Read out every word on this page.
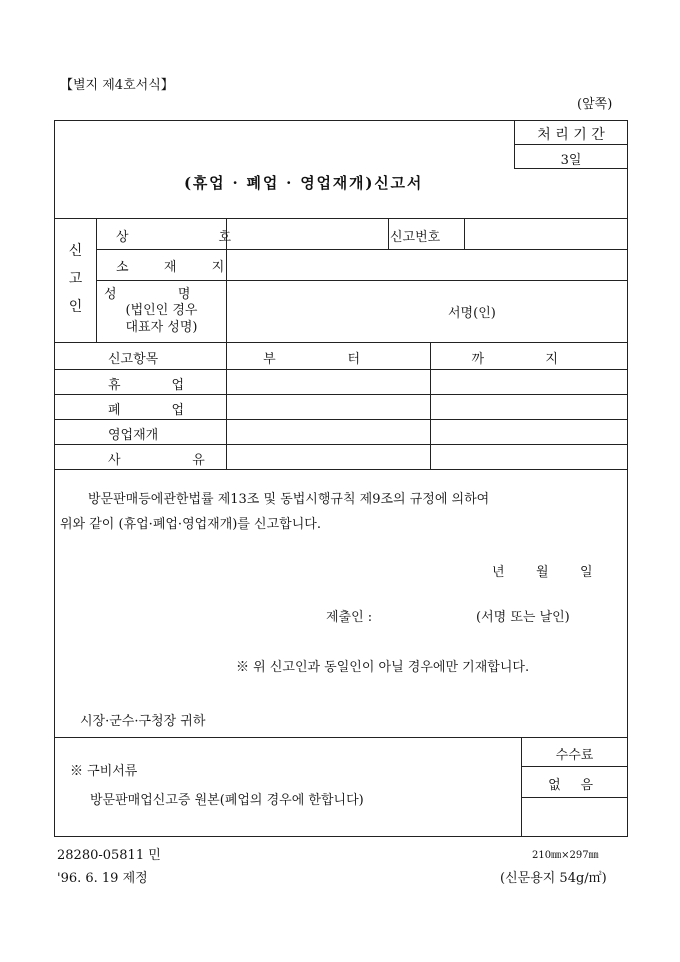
【별지 제4호서식】
(앞쪽)
처 리 기 간
3일
(휴업 · 폐업 · 영업재개)신고서
신
고
인
상 호	신고번호
소 재 지
성 명
(법인인 경우
대표자 성명)
서명(인)
신고항목	부 터	까 지
휴 업
폐 업
영업재개
사 유
방문판매등에관한법률 제13조 및 동법시행규칙 제9조의 규정에 의하여
위와 같이 (휴업·폐업·영업재개)를 신고합니다.
년 월 일
제출인 :	(서명 또는 날인)
※ 위 신고인과 동일인이 아닐 경우에만 기재합니다.
시장·군수·구청장 귀하
※ 구비서류
방문판매업신고증 원본(폐업의 경우에 한합니다)
수수료
없 음
28280-05811 민
'96. 6. 19 제정
210㎜×297㎜
(신문용지 54g/㎡)
